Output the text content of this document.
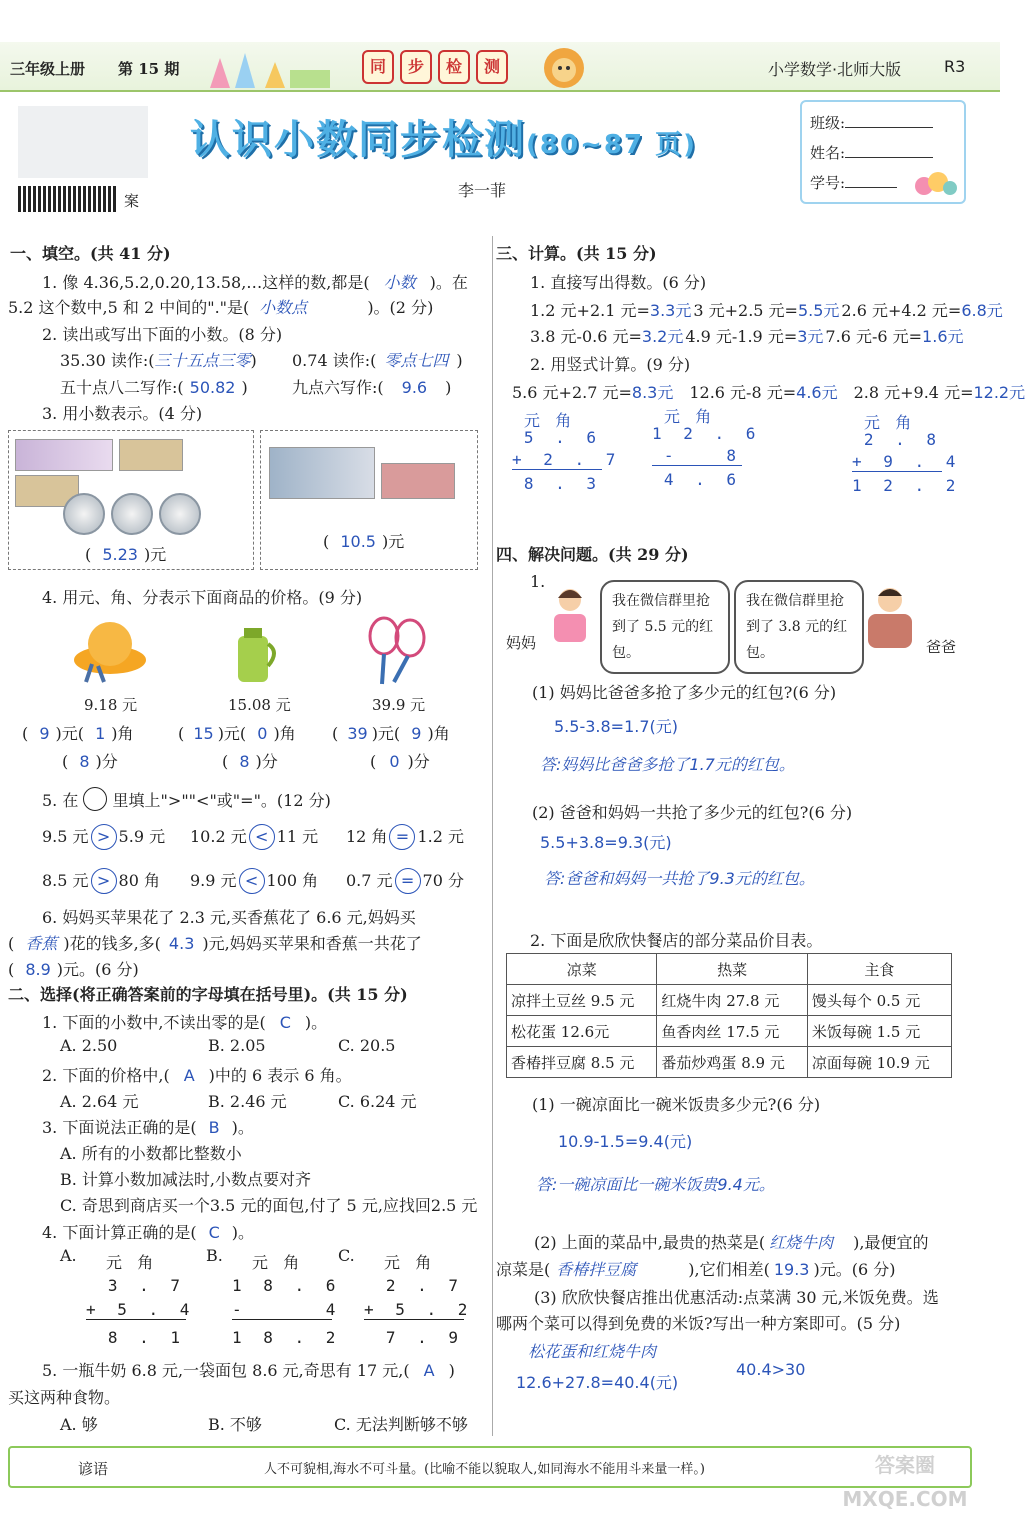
三年级上册 第 15 期	同 步 检 测	小学数学·北师大版	R3
案
认识小数同步检测(80~87 页)
李一菲
班级:
姓名:
学号:
一、填空。(共 41 分)
1. 像 4.36,5.2,0.20,13.58,…这样的数,都是( 小数 )。在
5.2 这个数中,5 和 2 中间的"."是( 小数点	)。(2 分)
2. 读出或写出下面的小数。(8 分)
35.30 读作:(三十五点三零) 0.74 读作:( 零点七四 )
五十点八二写作:( 50.82 )	九点六写作:( 9.6 )
3. 用小数表示。(4 分)
( 5.23 )元
( 10.5 )元
4. 用元、角、分表示下面商品的价格。(9 分)
9.18 元	15.08 元	39.9 元
( 9 )元( 1 )角
( 8 )分
( 15 )元( 0 )角
( 8 )分
( 39 )元( 9 )角
( 0 )分
5. 在 里填上">""<"或"="。(12 分)
9.5 元 > 5.9 元 10.2 元 < 11 元 12 角 = 1.2 元
8.5 元 > 80 角 9.9 元 < 100 角 0.7 元 = 70 分
6. 妈妈买苹果花了 2.3 元,买香蕉花了 6.6 元,妈妈买
( 香蕉 )花的钱多,多( 4.3 )元,妈妈买苹果和香蕉一共花了
( 8.9 )元。(6 分)
二、选择(将正确答案前的字母填在括号里)。(共 15 分)
1. 下面的小数中,不读出零的是( C )。
A. 2.50	B. 2.05	C. 20.5
2. 下面的价格中,( A )中的 6 表示 6 角。
A. 2.64 元	B. 2.46 元	C. 6.24 元
3. 下面说法正确的是( B )。
A. 所有的小数都比整数小
B. 计算小数加减法时,小数点要对齐
C. 奇思到商店买一个3.5 元的面包,付了 5 元,应找回2.5 元
4. 下面计算正确的是( C )。
A. 元   角
3 . 7
+ 5 . 4
8 . 1
B. 元   角
1 8 . 6
-     4
1 8 . 2
C. 元   角
2 . 7
+ 5 . 2
7 . 9
5. 一瓶牛奶 6.8 元,一袋面包 8.6 元,奇思有 17 元,( A )
买这两种食物。
A. 够	B. 不够	C. 无法判断够不够
三、计算。(共 15 分)
1. 直接写出得数。(6 分)
1.2 元+2.1 元=3.3元 3 元+2.5 元=5.5元 2.6 元+4.2 元=6.8元
3.8 元-0.6 元=3.2元 4.9 元-1.9 元=3元 7.6 元-6 元=1.6元
5.6 元+2.7 元=8.3元 12.6 元-8 元=4.6元 2.8 元+9.4 元=12.2元
2. 用竖式计算。(9 分)
元   角
5 . 6
+ 2 . 7
8 . 3
元   角
1 2 . 6
-   8
4 . 6
元   角
2 . 8
+ 9 . 4
1 2 . 2
四、解决问题。(共 29 分)
1.
妈妈
我在微信群里抢到了 5.5 元的红包。
我在微信群里抢到了 3.8 元的红包。	爸爸
(1) 妈妈比爸爸多抢了多少元的红包?(6 分)
5.5-3.8=1.7(元)
答:妈妈比爸爸多抢了1.7元的红包。
(2) 爸爸和妈妈一共抢了多少元的红包?(6 分)
5.5+3.8=9.3(元)
答:爸爸和妈妈一共抢了9.3元的红包。
2. 下面是欣欣快餐店的部分菜品价目表。
凉菜	热菜	主食
凉拌土豆丝 9.5 元	红烧牛肉 27.8 元	馒头每个 0.5 元
松花蛋 12.6元	鱼香肉丝 17.5 元	米饭每碗 1.5 元
香椿拌豆腐 8.5 元	番茄炒鸡蛋 8.9 元	凉面每碗 10.9 元
(1) 一碗凉面比一碗米饭贵多少元?(6 分)
10.9-1.5=9.4(元)
答:一碗凉面比一碗米饭贵9.4元。
(2) 上面的菜品中,最贵的热菜是( 红烧牛肉 ),最便宜的
凉菜是( 香椿拌豆腐	),它们相差( 19.3 )元。(6 分)
(3) 欣欣快餐店推出优惠活动:点菜满 30 元,米饭免费。选
哪两个菜可以得到免费的米饭?写出一种方案即可。(5 分)
松花蛋和红烧牛肉
12.6+27.8=40.4(元)
40.4>30
谚语	人不可貌相,海水不可斗量。(比喻不能以貌取人,如同海水不能用斗来量一样。)	答案圈 MXQE.COM
